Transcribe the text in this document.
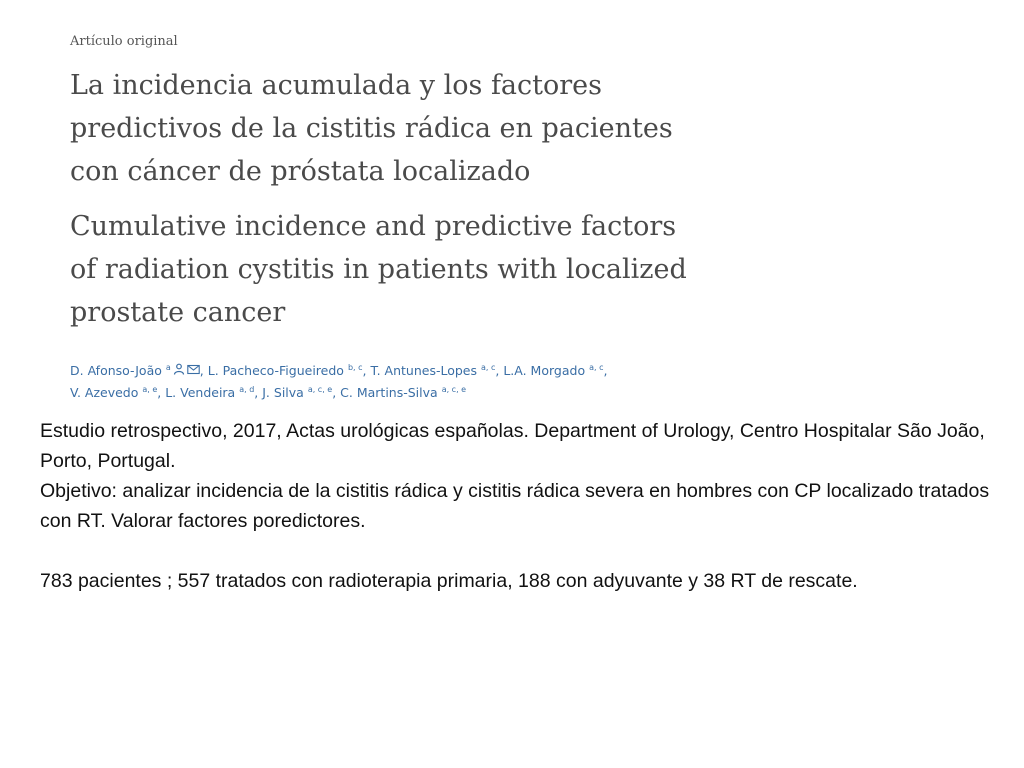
Artículo original
La incidencia acumulada y los factores predictivos de la cistitis rádica en pacientes con cáncer de próstata localizado
Cumulative incidence and predictive factors of radiation cystitis in patients with localized prostate cancer
D. Afonso-João $^a$ , L. Pacheco-Figueiredo $^{b, c}$, T. Antunes-Lopes $^{a, c}$, L.A. Morgado $^{a, c}$, V. Azevedo $^{a, e}$, L. Vendeira $^{a, d}$, J. Silva $^{a, c, e}$, C. Martins-Silva $^{a, c, e}$

Estudio retrospectivo, 2017, Actas urológicas españolas. Department of Urology, Centro Hospitalar São João, Porto, Portugal.

Objetivo: analizar incidencia de la cistitis rádica y cistitis rádica severa en hombres con CP localizado tratados con RT. Valorar factores poredictores.

783 pacientes ; 557 tratados con radioterapia primaria, 188 con adyuvante y 38 RT de rescate.
